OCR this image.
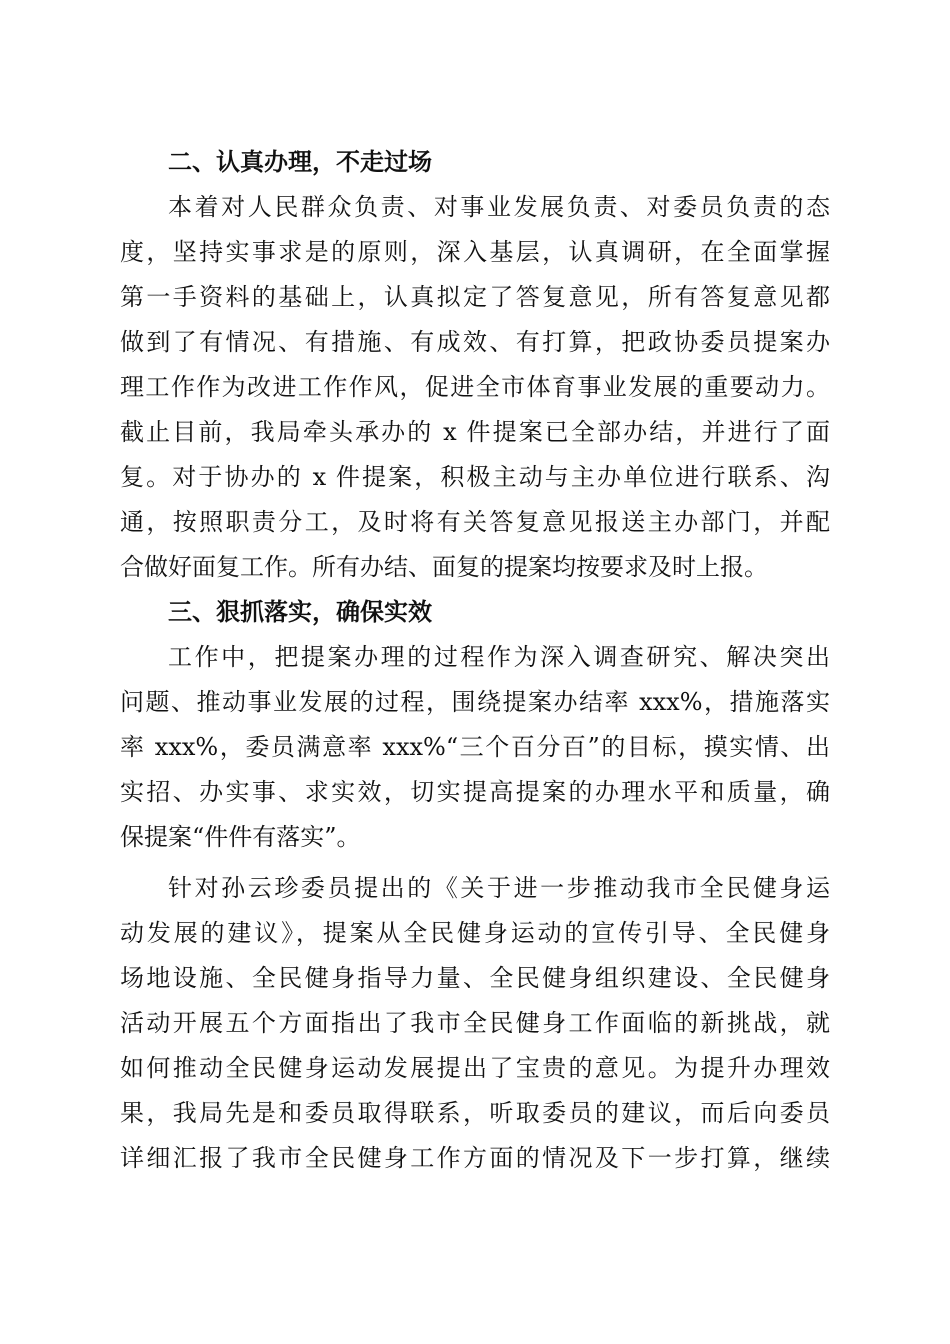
二、认真办理，不走过场
本着对人民群众负责、对事业发展负责、对委员负责的态
度，坚持实事求是的原则，深入基层，认真调研，在全面掌握
第一手资料的基础上，认真拟定了答复意见，所有答复意见都
做到了有情况、有措施、有成效、有打算，把政协委员提案办
理工作作为改进工作作风，促进全市体育事业发展的重要动力。
截止目前，我局牵头承办的 x 件提案已全部办结，并进行了面
复。对于协办的 x 件提案，积极主动与主办单位进行联系、沟
通，按照职责分工，及时将有关答复意见报送主办部门，并配
合做好面复工作。所有办结、面复的提案均按要求及时上报。
三、狠抓落实，确保实效
工作中，把提案办理的过程作为深入调查研究、解决突出
问题、推动事业发展的过程，围绕提案办结率 xxx%，措施落实
率 xxx%，委员满意率 xxx%“三个百分百”的目标，摸实情、出
实招、办实事、求实效，切实提高提案的办理水平和质量，确
保提案“件件有落实”。
针对孙云珍委员提出的《关于进一步推动我市全民健身运
动发展的建议》，提案从全民健身运动的宣传引导、全民健身
场地设施、全民健身指导力量、全民健身组织建设、全民健身
活动开展五个方面指出了我市全民健身工作面临的新挑战，就
如何推动全民健身运动发展提出了宝贵的意见。为提升办理效
果，我局先是和委员取得联系，听取委员的建议，而后向委员
详细汇报了我市全民健身工作方面的情况及下一步打算，继续
